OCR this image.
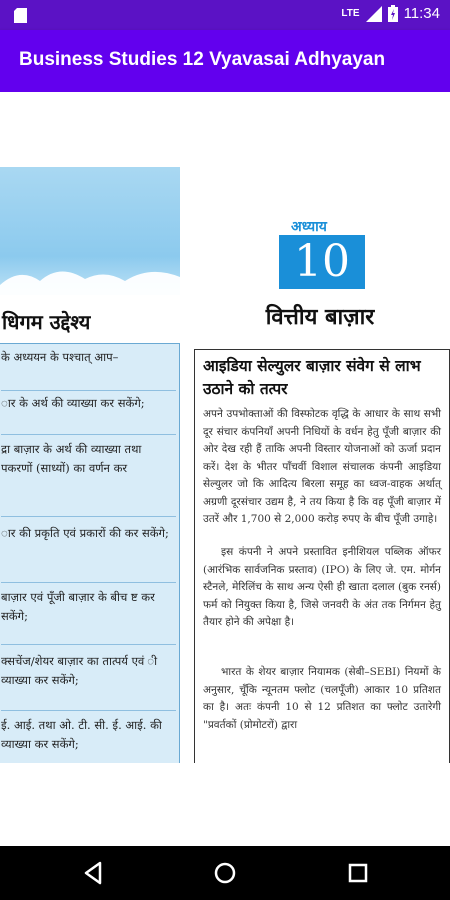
LTE	11:34
Business Studies 12 Vyavasai Adhyayan
धिगम उद्देश्य
के अध्ययन के पश्चात् आप–
ार के अर्थ की व्याख्या कर सकेंगे;
द्रा बाज़ार के अर्थ की व्याख्या तथा पकरणों (साध्यों) का वर्णन कर
ार की प्रकृति एवं प्रकारों की कर सकेंगे;
बाज़ार एवं पूँजी बाज़ार के बीच ष्ट कर सकेंगे;
क्सचेंज/शेयर बाज़ार का तात्पर्य एवं ी व्याख्या कर सकेंगे;
ई. आई. तथा ओ. टी. सी. ई. आई. की व्याख्या कर सकेंगे;
अध्याय
10
वित्तीय बाज़ार
आइडिया सेल्युलर बाज़ार संवेग से लाभ उठाने को तत्पर
अपने उपभोक्ताओं की विस्फोटक वृद्धि के आधार के साथ सभी दूर संचार कंपनियाँ अपनी निधियों के वर्धन हेतु पूँजी बाज़ार की ओर देख रही हैं ताकि अपनी विस्तार योजनाओं को ऊर्जा प्रदान करें। देश के भीतर पाँचवीं विशाल संचालक कंपनी आइडिया सेल्युलर जो कि आदित्य बिरला समूह का ध्वज-वाहक अर्थात् अग्रणी दूरसंचार उद्यम है, ने तय किया है कि वह पूँजी बाज़ार में उतरें और 1,700 से 2,000 करोड़ रुपए के बीच पूँजी उगाहे।
इस कंपनी ने अपने प्रस्तावित इनीशियल पब्लिक ऑफर (आरंभिक सार्वजनिक प्रस्ताव) (IPO) के लिए जे. एम. मोर्गन स्टैनले, मेरिलिंच के साथ अन्य ऐसी ही खाता दलाल (बुक रनर्स) फर्म को नियुक्त किया है, जिसे जनवरी के अंत तक निर्गमन हेतु तैयार होने की अपेक्षा है।
भारत के शेयर बाज़ार नियामक (सेबी–SEBI) नियमों के अनुसार, चूँकि न्यूनतम फ्लोट (चलपूँजी) आकार 10 प्रतिशत का है। अतः कंपनी 10 से 12 प्रतिशत का फ्लोट उतारेगी "प्रवर्तकों (प्रोमोटरों) द्वारा
